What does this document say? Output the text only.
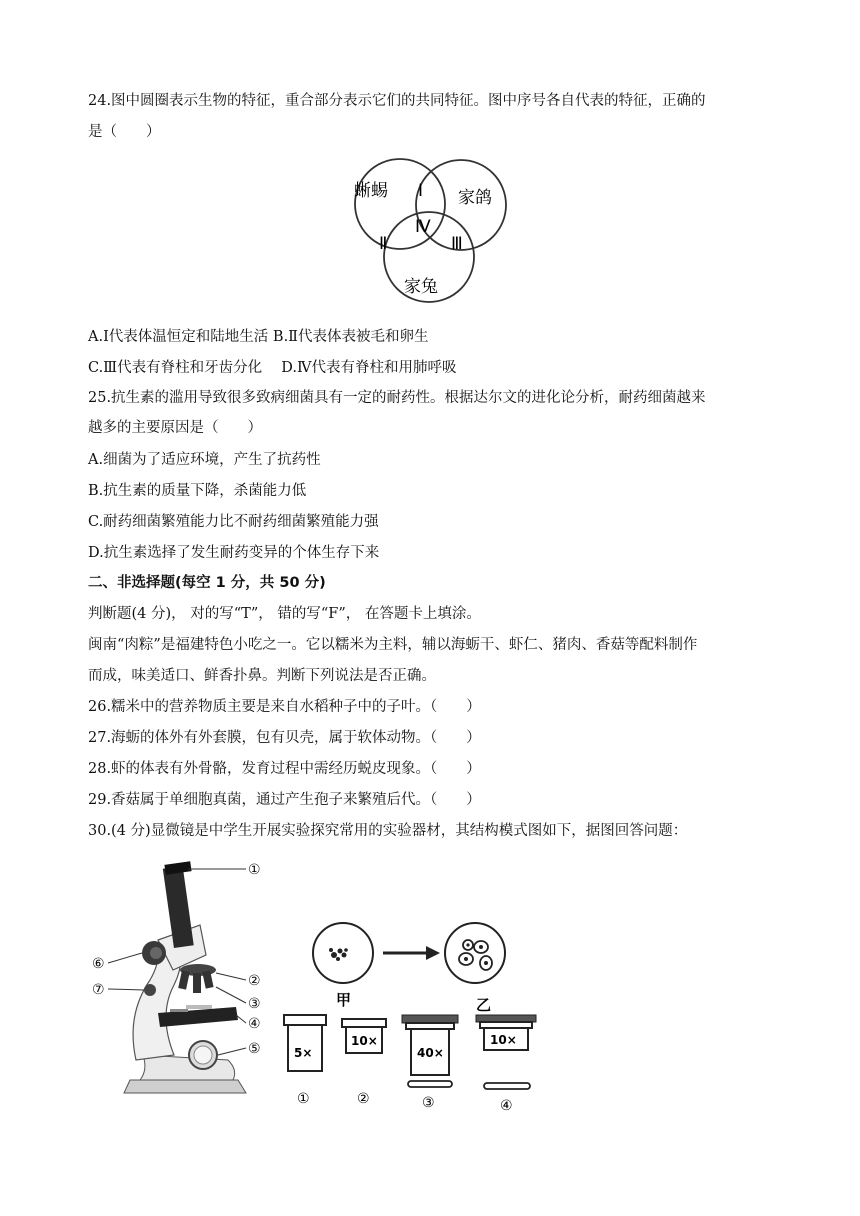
24.图中圆圈表示生物的特征，重合部分表示它们的共同特征。图中序号各自代表的特征，正确的
是（　　）
蜥蜴	家鸽
家兔
Ⅰ
Ⅱ	Ⅲ
Ⅳ
A.Ⅰ代表体温恒定和陆地生活 B.Ⅱ代表体表被毛和卵生
C.Ⅲ代表有脊柱和牙齿分化 　D.Ⅳ代表有脊柱和用肺呼吸
25.抗生素的滥用导致很多致病细菌具有一定的耐药性。根据达尔文的进化论分析，耐药细菌越来
越多的主要原因是（　　）
A.细菌为了适应环境，产生了抗药性
B.抗生素的质量下降，杀菌能力低
C.耐药细菌繁殖能力比不耐药细菌繁殖能力强
D.抗生素选择了发生耐药变异的个体生存下来
二、非选择题(每空 1 分，共 50 分)
判断题(4 分)， 对的写“T”， 错的写“F”， 在答题卡上填涂。
闽南“肉粽”是福建特色小吃之一。它以糯米为主料，辅以海蛎干、虾仁、猪肉、香菇等配料制作
而成，味美适口、鲜香扑鼻。判断下列说法是否正确。
26.糯米中的营养物质主要是来自水稻种子中的子叶。（　　）
27.海蛎的体外有外套膜，包有贝壳，属于软体动物。（　　）
28.虾的体表有外骨骼，发育过程中需经历蜕皮现象。（　　）
29.香菇属于单细胞真菌，通过产生孢子来繁殖后代。（　　）
30.(4 分)显微镜是中学生开展实验探究常用的实验器材，其结构模式图如下，据图回答问题：
①
②
③
④
⑤
⑥
⑦
甲	乙
5×
①
10×
②
40×
③
10×
④
